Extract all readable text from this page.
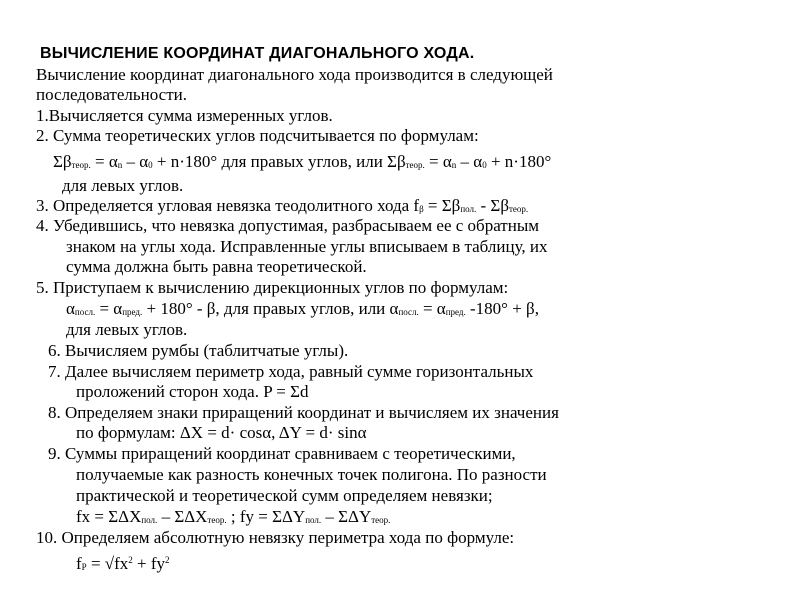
ВЫЧИСЛЕНИЕ КООРДИНАТ ДИАГОНАЛЬНОГО ХОДА.
Вычисление координат диагонального хода производится в следующей
последовательности.
1.Вычисляется сумма измеренных углов.
2. Сумма теоретических углов подсчитывается по формулам:
Σβтеор. = αn – α0 + n·180° для правых углов, или Σβтеор. = αn – α0 + n·180°
для левых углов.
3. Определяется угловая невязка теодолитного хода fβ = Σβпол. - Σβтеор.
4. Убедившись, что невязка допустимая, разбрасываем ее с обратным
знаком на углы хода. Исправленные углы вписываем в таблицу, их
сумма должна быть равна теоретической.
5. Приступаем к вычислению дирекционных углов по формулам:
αпосл. = αпред. + 180° - β, для правых углов, или αпосл. = αпред. -180° + β,
для левых углов.
6. Вычисляем румбы (таблитчатые углы).
7. Далее вычисляем периметр хода, равный сумме горизонтальных
проложений сторон хода. P = Σd
8. Определяем знаки приращений координат и вычисляем их значения
по формулам: ΔX = d· cosα, ΔY = d· sinα
9. Суммы приращений координат сравниваем с теоретическими,
получаемые как разность конечных точек полигона. По разности
практической и теоретической сумм определяем невязки;
fx = ΣΔXпол. – ΣΔXтеор. ; fy = ΣΔYпол. – ΣΔYтеор.
10. Определяем абсолютную невязку периметра хода по формуле:
fP = $√fx^2 + fy^2$
